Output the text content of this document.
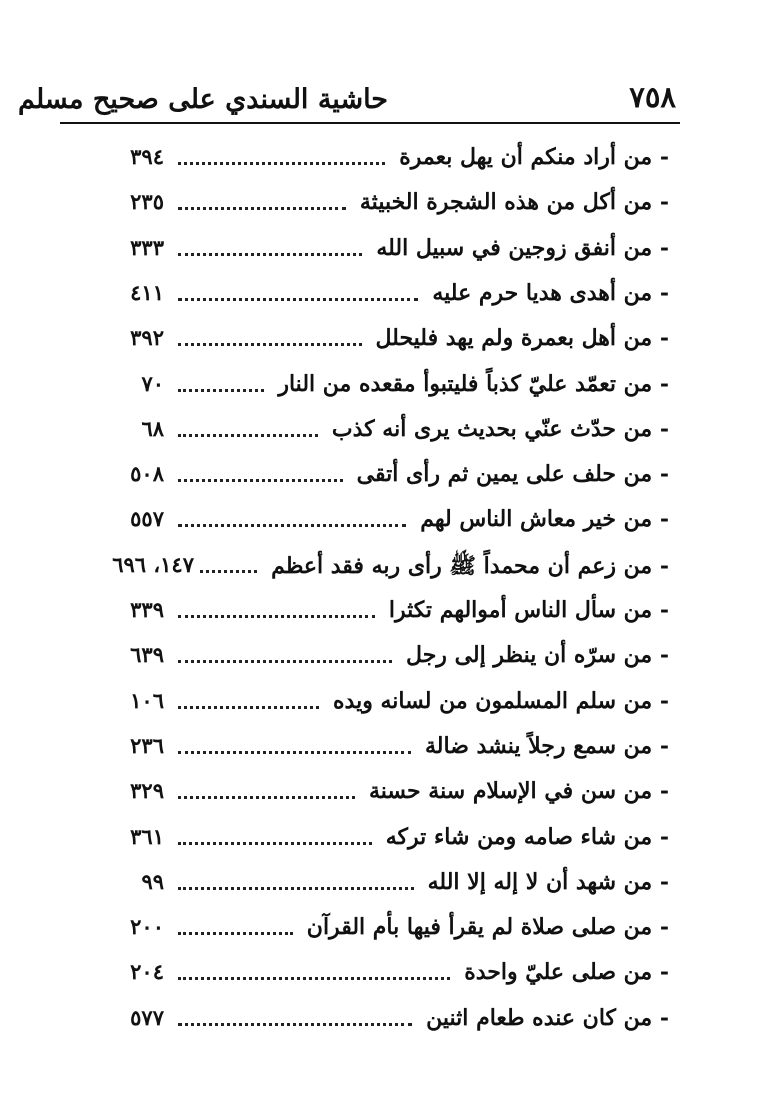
٧٥٨
حاشية السندي على صحيح مسلم
- من أراد منكم أن يهل بعمرة
٣٩٤
- من أكل من هذه الشجرة الخبيثة
٢٣٥
- من أنفق زوجين في سبيل الله
٣٣٣
- من أهدى هديا حرم عليه
٤١١
- من أهل بعمرة ولم يهد فليحلل
٣٩٢
- من تعمّد عليّ كذباً فليتبوأ مقعده من النار
٧٠
- من حدّث عنّي بحديث يرى أنه كذب
٦٨
- من حلف على يمين ثم رأى أتقى
٥٠٨
- من خير معاش الناس لهم
٥٥٧
- من زعم أن محمداً ﷺ رأى ربه فقد أعظم
١٤٧، ٦٩٦
- من سأل الناس أموالهم تكثرا
٣٣٩
- من سرّه أن ينظر إلى رجل
٦٣٩
- من سلم المسلمون من لسانه ويده
١٠٦
- من سمع رجلاً ينشد ضالة
٢٣٦
- من سن في الإسلام سنة حسنة
٣٢٩
- من شاء صامه ومن شاء تركه
٣٦١
- من شهد أن لا إله إلا الله
٩٩
- من صلى صلاة لم يقرأ فيها بأم القرآن
٢٠٠
- من صلى عليّ واحدة
٢٠٤
- من كان عنده طعام اثنين
٥٧٧
